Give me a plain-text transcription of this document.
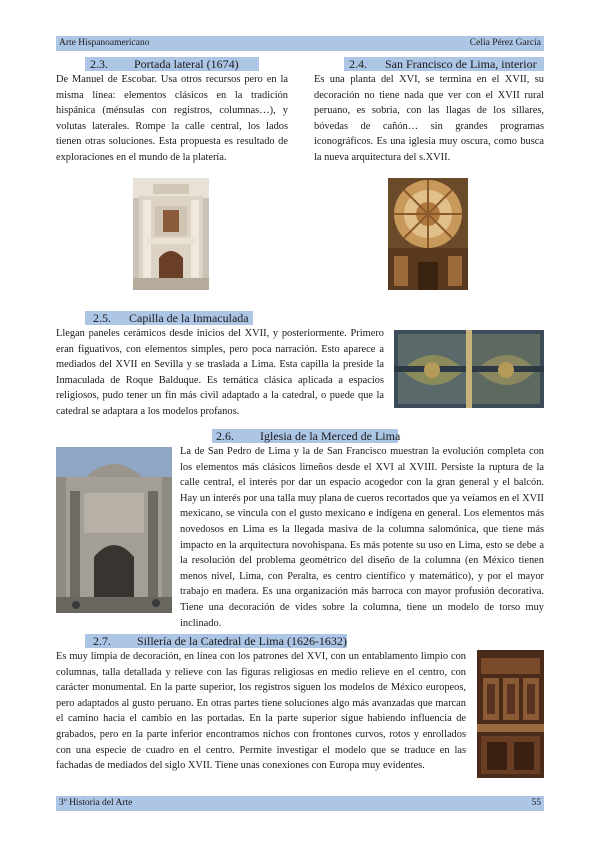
Arte Hispanoamericano	Celia Pérez García
2.3. Portada lateral (1674)
De Manuel de Escobar. Usa otros recursos pero en la misma línea: elementos clásicos en la tradición hispánica (ménsulas con registros, columnas…), y volutas laterales. Rompe la calle central, los lados tienen otras soluciones. Esta propuesta es resultado de exploraciones en el mundo de la platería.
2.4. San Francisco de Lima, interior
Es una planta del XVI, se termina en el XVII, su decoración no tiene nada que ver con el XVII rural peruano, es sobria, con las llagas de los sillares, bóvedas de cañón… sin grandes programas iconográficos. Es una iglesia muy oscura, como busca la nueva arquitectura del s.XVII.
2.5. Capilla de la Inmaculada
Llegan paneles cerámicos desde inicios del XVII, y posteriormente. Primero eran figuativos, con elementos simples, pero poca narración. Esto aparece a mediados del XVII en Sevilla y se traslada a Lima. Esta capilla la preside la Inmaculada de Roque Balduque. Es temática clásica aplicada a espacios religiosos, pudo tener un fin más civil adaptado a la catedral, o puede que la catedral se adaptara a los modelos profanos.
2.6. Iglesia de la Merced de Lima
La de San Pedro de Lima y la de San Francisco muestran la evolución completa con los elementos más clásicos limeños desde el XVI al XVIII. Persiste la ruptura de la calle central, el interés por dar un espacio acogedor con la gran general y el balcón. Hay un interés por una talla muy plana de cueros recortados que ya veíamos en el XVII mexicano, se vincula con el gusto mexicano e indígena en general. Los elementos más novedosos en Lima es la llegada masiva de la columna salomónica, que tiene más impacto en la arquitectura novohispana. Es más potente su uso en Lima, esto se debe a la resolución del problema geométrico del diseño de la columna (en México tienen menos nivel, Lima, con Peralta, es centro científico y matemático), y por el mayor trabajo en madera. Es una organización más barroca con mayor profusión decorativa. Tiene una decoración de vides sobre la columna, tiene un modelo de torso muy inclinado.
2.7. Sillería de la Catedral de Lima (1626-1632)
Es muy limpia de decoración, en línea con los patrones del XVI, con un entablamento limpio con columnas, talla detallada y relieve con las figuras religiosas en medio relieve en el centro, con carácter monumental. En la parte superior, los registros siguen los modelos de México europeos, pero adaptados al gusto peruano. En otras partes tiene soluciones algo más avanzadas que marcan el camino hacia el cambio en las portadas. En la parte superior sigue habiendo influencia de grabados, pero en la parte inferior encontramos nichos con frontones curvos, rotos y enrollados con una especie de cuadro en el centro. Permite investigar el modelo que se traduce en las fachadas de mediados del siglo XVII. Tiene unas conexiones con Europa muy evidentes.
3º Historia del Arte	55
